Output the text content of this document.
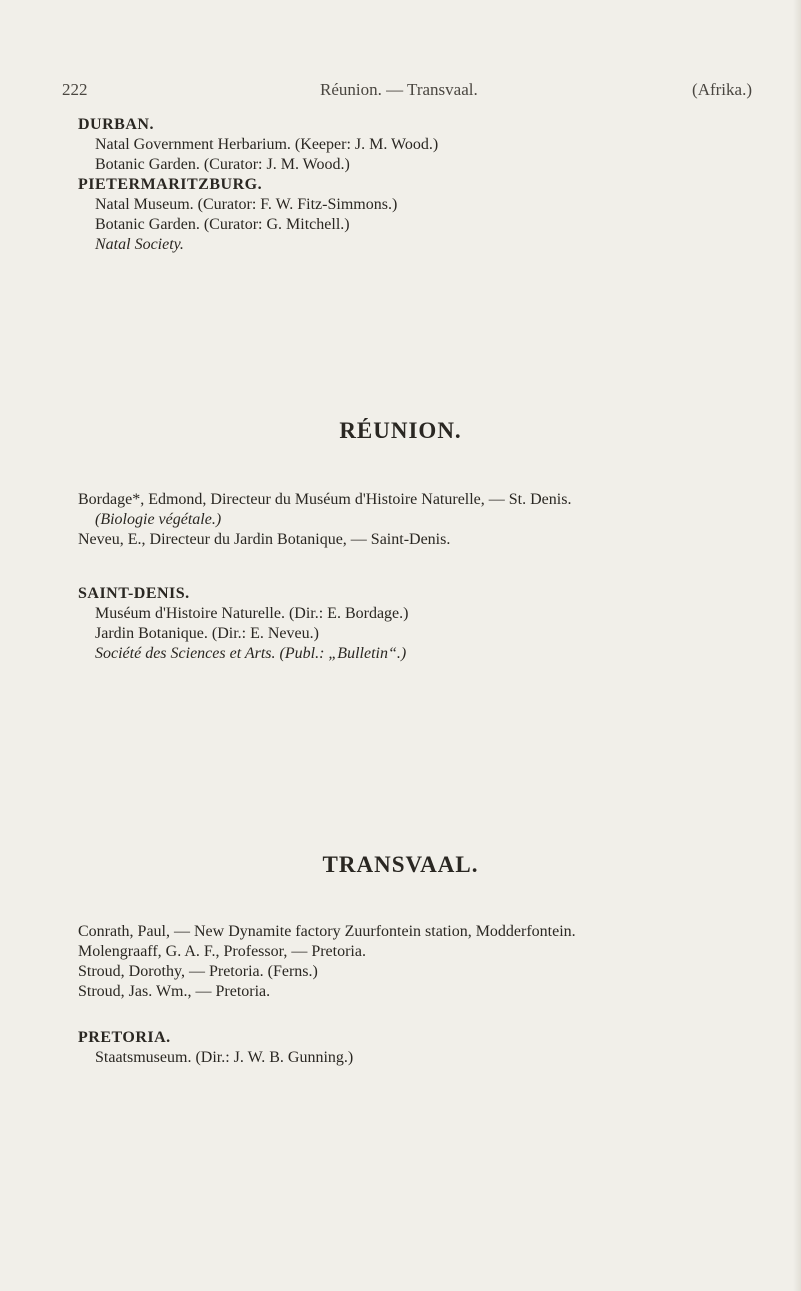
222	Réunion. — Transvaal.	(Afrika.)

DURBAN.

Natal Government Herbarium. (Keeper: J. M. Wood.)

Botanic Garden. (Curator: J. M. Wood.)

PIETERMARITZBURG.

Natal Museum. (Curator: F. W. Fitz-Simmons.)

Botanic Garden. (Curator: G. Mitchell.)

Natal Society.

RÉUNION.
Bordage*, Edmond, Directeur du Muséum d'Histoire Naturelle, — St. Denis.
(Biologie végétale.)
Neveu, E., Directeur du Jardin Botanique, — Saint-Denis.

SAINT-DENIS.

Muséum d'Histoire Naturelle. (Dir.: E. Bordage.)

Jardin Botanique. (Dir.: E. Neveu.)

Société des Sciences et Arts. (Publ.: „Bulletin“.)

TRANSVAAL.
Conrath, Paul, — New Dynamite factory Zuurfontein station, Modderfontein.
Molengraaff, G. A. F., Professor, — Pretoria.
Stroud, Dorothy, — Pretoria. (Ferns.)
Stroud, Jas. Wm., — Pretoria.

PRETORIA.

Staatsmuseum. (Dir.: J. W. B. Gunning.)
